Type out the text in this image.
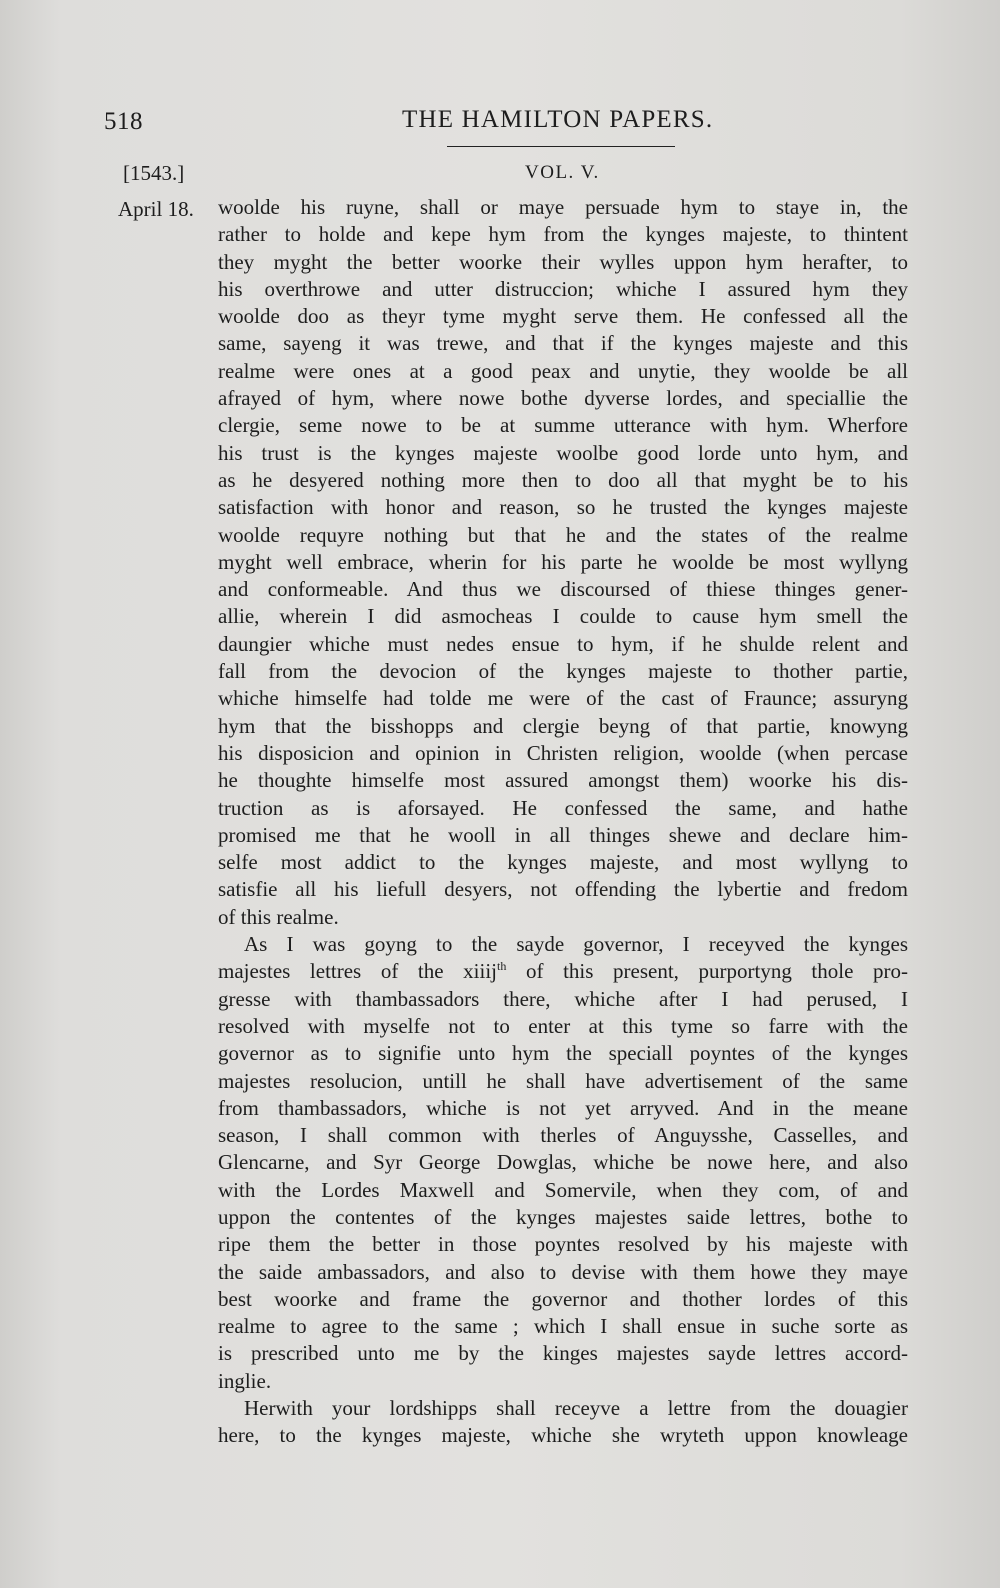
518	THE HAMILTON PAPERS.
[1543.]	VOL. V.
April 18. woolde his ruyne, shall or maye persuade hym to staye in, the
rather to holde and kepe hym from the kynges majeste, to thintent
they myght the better woorke their wylles uppon hym herafter, to
his overthrowe and utter distruccion; whiche I assured hym they
woolde doo as theyr tyme myght serve them. He confessed all the
same, sayeng it was trewe, and that if the kynges majeste and this
realme were ones at a good peax and unytie, they woolde be all
afrayed of hym, where nowe bothe dyverse lordes, and speciallie the
clergie, seme nowe to be at summe utterance with hym. Wherfore
his trust is the kynges majeste woolbe good lorde unto hym, and
as he desyered nothing more then to doo all that myght be to his
satisfaction with honor and reason, so he trusted the kynges majeste
woolde requyre nothing but that he and the states of the realme
myght well embrace, wherin for his parte he woolde be most wyllyng
and conformeable. And thus we discoursed of thiese thinges gener-
allie, wherein I did asmocheas I coulde to cause hym smell the
daungier whiche must nedes ensue to hym, if he shulde relent and
fall from the devocion of the kynges majeste to thother partie,
whiche himselfe had tolde me were of the cast of Fraunce; assuryng
hym that the bisshopps and clergie beyng of that partie, knowyng
his disposicion and opinion in Christen religion, woolde (when percase
he thoughte himselfe most assured amongst them) woorke his dis-
truction as is aforsayed. He confessed the same, and hathe
promised me that he wooll in all thinges shewe and declare him-
selfe most addict to the kynges majeste, and most wyllyng to
satisfie all his liefull desyers, not offending the lybertie and fredom
of this realme.
As I was goyng to the sayde governor, I receyved the kynges
majestes lettres of the xiiij$^{th}$ of this present, purportyng thole pro-
gresse with thambassadors there, whiche after I had perused, I
resolved with myselfe not to enter at this tyme so farre with the
governor as to signifie unto hym the speciall poyntes of the kynges
majestes resolucion, untill he shall have advertisement of the same
from thambassadors, whiche is not yet arryved. And in the meane
season, I shall common with therles of Anguysshe, Casselles, and
Glencarne, and Syr George Dowglas, whiche be nowe here, and also
with the Lordes Maxwell and Somervile, when they com, of and
uppon the contentes of the kynges majestes saide lettres, bothe to
ripe them the better in those poyntes resolved by his majeste with
the saide ambassadors, and also to devise with them howe they maye
best woorke and frame the governor and thother lordes of this
realme to agree to the same ; which I shall ensue in suche sorte as
is prescribed unto me by the kinges majestes sayde lettres accord-
inglie.
Herwith your lordshipps shall receyve a lettre from the douagier
here, to the kynges majeste, whiche she wryteth uppon knowleage
